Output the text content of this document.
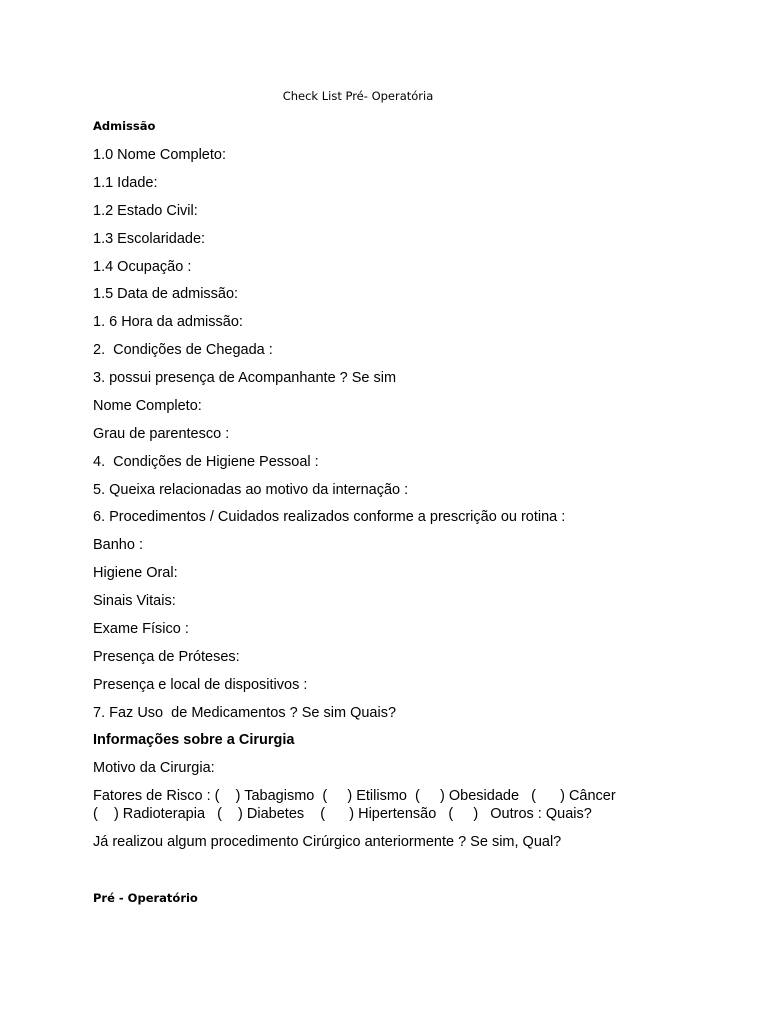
Check List Pré- Operatória
Admissão
1.0 Nome Completo:
1.1 Idade:
1.2 Estado Civil:
1.3 Escolaridade:
1.4 Ocupação :
1.5 Data de admissão:
1. 6 Hora da admissão:
2.  Condições de Chegada :
3. possui presença de Acompanhante ? Se sim
Nome Completo:
Grau de parentesco :
4.  Condições de Higiene Pessoal :
5. Queixa relacionadas ao motivo da internação :
6. Procedimentos / Cuidados realizados conforme a prescrição ou rotina :
Banho :
Higiene Oral:
Sinais Vitais:
Exame Físico :
Presença de Próteses:
Presença e local de dispositivos :
7. Faz Uso  de Medicamentos ? Se sim Quais?
Informações sobre a Cirurgia
Motivo da Cirurgia:
Fatores de Risco : (    ) Tabagismo  (     ) Etilismo  (     ) Obesidade   (      ) Câncer
(    ) Radioterapia   (    ) Diabetes    (      ) Hipertensão   (     )   Outros : Quais?
Já realizou algum procedimento Cirúrgico anteriormente ? Se sim, Qual?
Pré - Operatório
